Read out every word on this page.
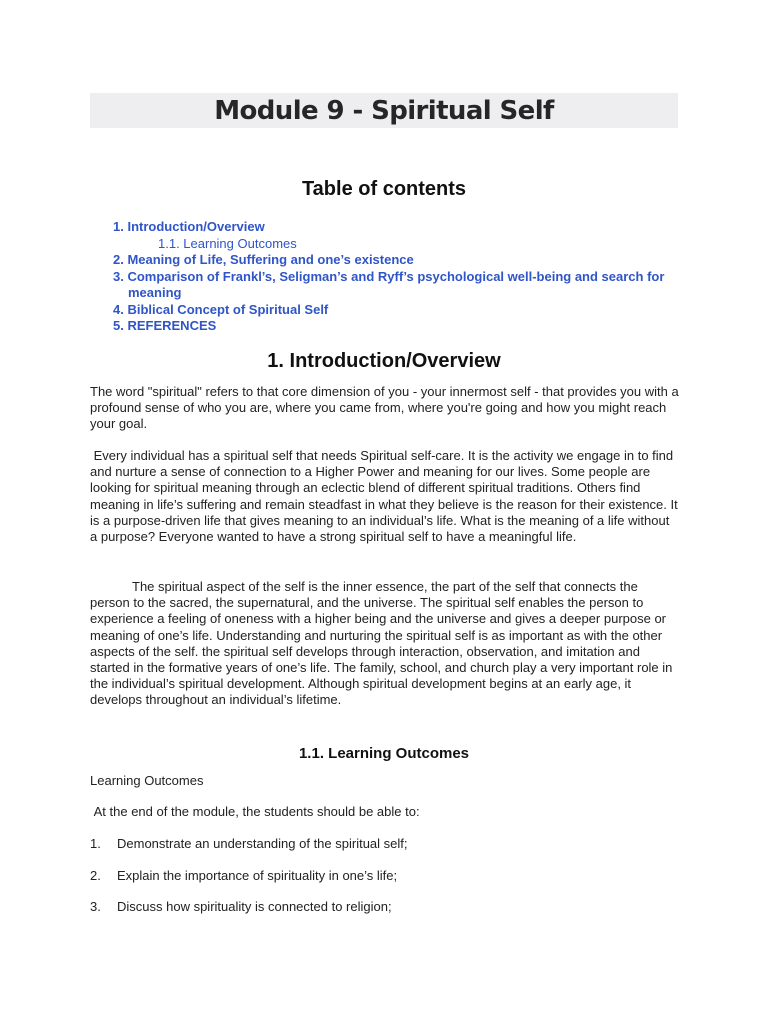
Module 9 - Spiritual Self
Table of contents
1. Introduction/Overview
1.1. Learning Outcomes
2. Meaning of Life, Suffering and one’s existence
3. Comparison of Frankl’s, Seligman’s and Ryff’s psychological well-being and search for meaning
4. Biblical Concept of Spiritual Self
5. REFERENCES
1. Introduction/Overview

The word "spiritual" refers to that core dimension of you - your innermost self - that provides you with a profound sense of who you are, where you came from, where you're going and how you might reach your goal.

Every individual has a spiritual self that needs Spiritual self-care. It is the activity we engage in to find and nurture a sense of connection to a Higher Power and meaning for our lives. Some people are looking for spiritual meaning through an eclectic blend of different spiritual traditions. Others find meaning in life’s suffering and remain steadfast in what they believe is the reason for their existence. It is a purpose-driven life that gives meaning to an individual’s life. What is the meaning of a life without a purpose? Everyone wanted to have a strong spiritual self to have a meaningful life.

The spiritual aspect of the self is the inner essence, the part of the self that connects the person to the sacred, the supernatural, and the universe. The spiritual self enables the person to experience a feeling of oneness with a higher being and the universe and gives a deeper purpose or meaning of one’s life. Understanding and nurturing the spiritual self is as important as with the other aspects of the self. the spiritual self develops through interaction, observation, and imitation and started in the formative years of one’s life. The family, school, and church play a very important role in the individual’s spiritual development. Although spiritual development begins at an early age, it develops throughout an individual’s lifetime.

1.1. Learning Outcomes

Learning Outcomes

At the end of the module, the students should be able to:

1. Demonstrate an understanding of the spiritual self;
2. Explain the importance of spirituality in one’s life;
3. Discuss how spirituality is connected to religion;
